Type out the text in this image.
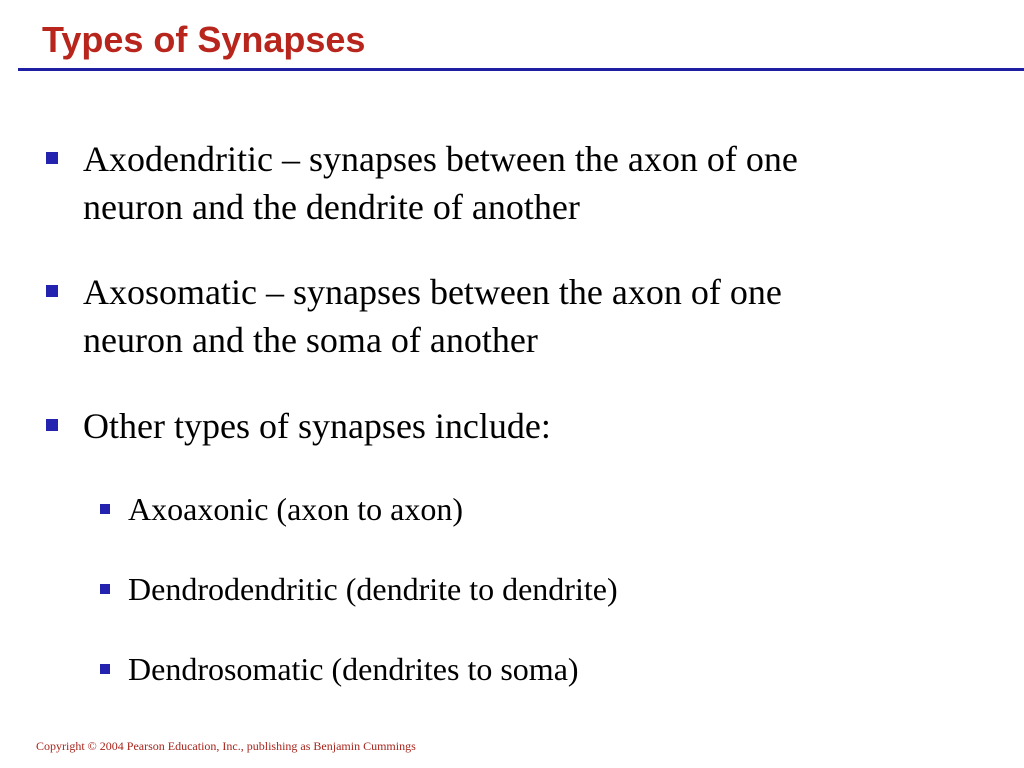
Types of Synapses
Axodendritic – synapses between the axon of one
neuron and the dendrite of another
Axosomatic – synapses between the axon of one
neuron and the soma of another
Other types of synapses include:
Axoaxonic (axon to axon)
Dendrodendritic (dendrite to dendrite)
Dendrosomatic (dendrites to soma)
Copyright © 2004 Pearson Education, Inc., publishing as Benjamin Cummings
